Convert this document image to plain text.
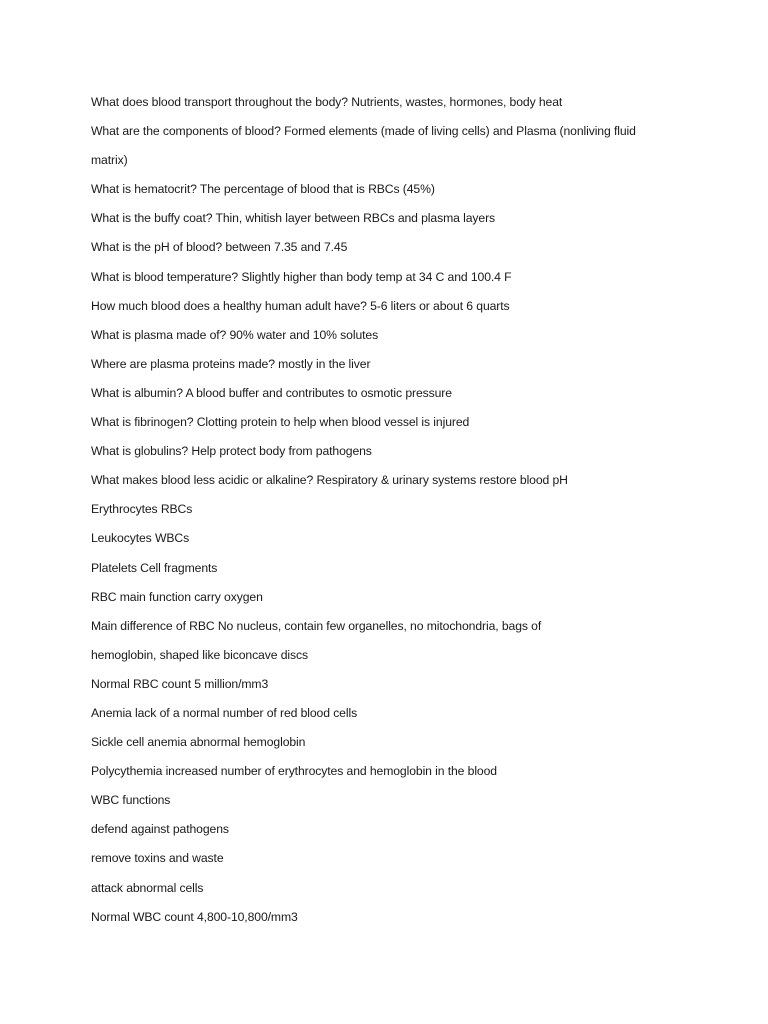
What does blood transport throughout the body? Nutrients, wastes, hormones, body heat
What are the components of blood? Formed elements (made of living cells) and Plasma (nonliving fluid
matrix)
What is hematocrit? The percentage of blood that is RBCs (45%)
What is the buffy coat? Thin, whitish layer between RBCs and plasma layers
What is the pH of blood? between 7.35 and 7.45
What is blood temperature? Slightly higher than body temp at 34 C and 100.4 F
How much blood does a healthy human adult have? 5-6 liters or about 6 quarts
What is plasma made of? 90% water and 10% solutes
Where are plasma proteins made? mostly in the liver
What is albumin? A blood buffer and contributes to osmotic pressure
What is fibrinogen? Clotting protein to help when blood vessel is injured
What is globulins? Help protect body from pathogens
What makes blood less acidic or alkaline? Respiratory & urinary systems restore blood pH
Erythrocytes RBCs
Leukocytes WBCs
Platelets Cell fragments
RBC main function carry oxygen
Main difference of RBC No nucleus, contain few organelles, no mitochondria, bags of
hemoglobin, shaped like biconcave discs
Normal RBC count 5 million/mm3
Anemia lack of a normal number of red blood cells
Sickle cell anemia abnormal hemoglobin
Polycythemia increased number of erythrocytes and hemoglobin in the blood
WBC functions
defend against pathogens
remove toxins and waste
attack abnormal cells
Normal WBC count 4,800-10,800/mm3
